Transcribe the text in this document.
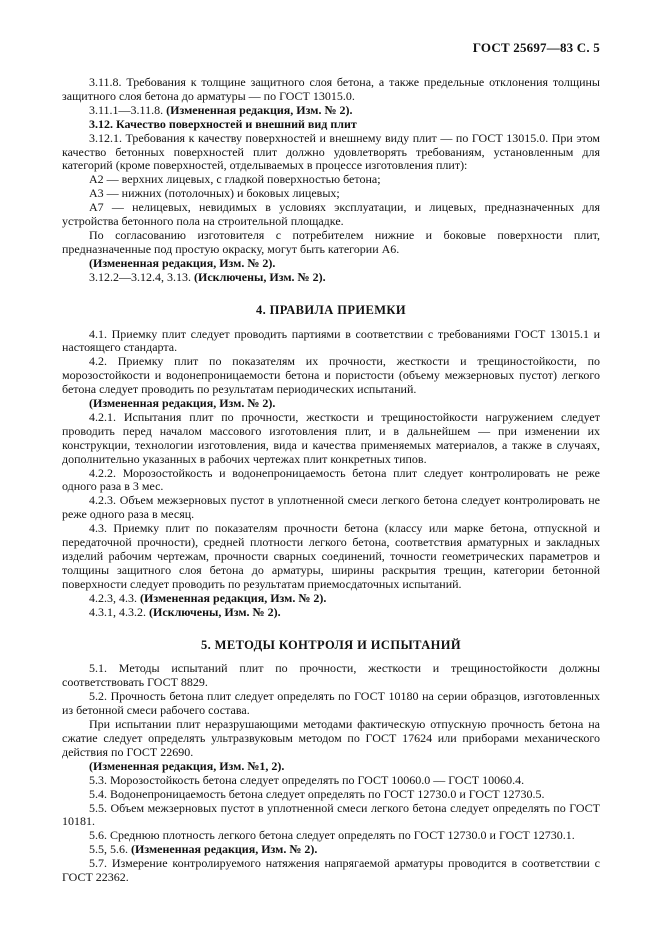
ГОСТ 25697—83 С. 5

3.11.8. Требования к толщине защитного слоя бетона, а также предельные отклонения толщины защитного слоя бетона до арматуры — по ГОСТ 13015.0.

3.11.1—3.11.8. (Измененная редакция, Изм. № 2).

3.12. Качество поверхностей и внешний вид плит

3.12.1. Требования к качеству поверхностей и внешнему виду плит — по ГОСТ 13015.0. При этом качество бетонных поверхностей плит должно удовлетворять требованиям, установленным для категорий (кроме поверхностей, отделываемых в процессе изготовления плит):

А2 — верхних лицевых, с гладкой поверхностью бетона;

А3 — нижних (потолочных) и боковых лицевых;

А7 — нелицевых, невидимых в условиях эксплуатации, и лицевых, предназначенных для устройства бетонного пола на строительной площадке.

По согласованию изготовителя с потребителем нижние и боковые поверхности плит, предназначенные под простую окраску, могут быть категории А6.

(Измененная редакция, Изм. № 2).

3.12.2—3.12.4, 3.13. (Исключены, Изм. № 2).

4. ПРАВИЛА ПРИЕМКИ

4.1. Приемку плит следует проводить партиями в соответствии с требованиями ГОСТ 13015.1 и настоящего стандарта.

4.2. Приемку плит по показателям их прочности, жесткости и трещиностойкости, по морозостойкости и водонепроницаемости бетона и пористости (объему межзерновых пустот) легкого бетона следует проводить по результатам периодических испытаний.

(Измененная редакция, Изм. № 2).

4.2.1. Испытания плит по прочности, жесткости и трещиностойкости нагружением следует проводить перед началом массового изготовления плит, и в дальнейшем — при изменении их конструкции, технологии изготовления, вида и качества применяемых материалов, а также в случаях, дополнительно указанных в рабочих чертежах плит конкретных типов.

4.2.2. Морозостойкость и водонепроницаемость бетона плит следует контролировать не реже одного раза в 3 мес.

4.2.3. Объем межзерновых пустот в уплотненной смеси легкого бетона следует контролировать не реже одного раза в месяц.

4.3. Приемку плит по показателям прочности бетона (классу или марке бетона, отпускной и передаточной прочности), средней плотности легкого бетона, соответствия арматурных и закладных изделий рабочим чертежам, прочности сварных соединений, точности геометрических параметров и толщины защитного слоя бетона до арматуры, ширины раскрытия трещин, категории бетонной поверхности следует проводить по результатам приемосдаточных испытаний.

4.2.3, 4.3. (Измененная редакция, Изм. № 2).

4.3.1, 4.3.2. (Исключены, Изм. № 2).

5. МЕТОДЫ КОНТРОЛЯ И ИСПЫТАНИЙ

5.1. Методы испытаний плит по прочности, жесткости и трещиностойкости должны соответствовать ГОСТ 8829.

5.2. Прочность бетона плит следует определять по ГОСТ 10180 на серии образцов, изготовленных из бетонной смеси рабочего состава.

При испытании плит неразрушающими методами фактическую отпускную прочность бетона на сжатие следует определять ультразвуковым методом по ГОСТ 17624 или приборами механического действия по ГОСТ 22690.

(Измененная редакция, Изм. №1, 2).

5.3. Морозостойкость бетона следует определять по ГОСТ 10060.0 — ГОСТ 10060.4.

5.4. Водонепроницаемость бетона следует определять по ГОСТ 12730.0 и ГОСТ 12730.5.

5.5. Объем межзерновых пустот в уплотненной смеси легкого бетона следует определять по ГОСТ 10181.

5.6. Среднюю плотность легкого бетона следует определять по ГОСТ 12730.0 и ГОСТ 12730.1.

5.5, 5.6. (Измененная редакция, Изм. № 2).

5.7. Измерение контролируемого натяжения напрягаемой арматуры проводится в соответствии с ГОСТ 22362.
